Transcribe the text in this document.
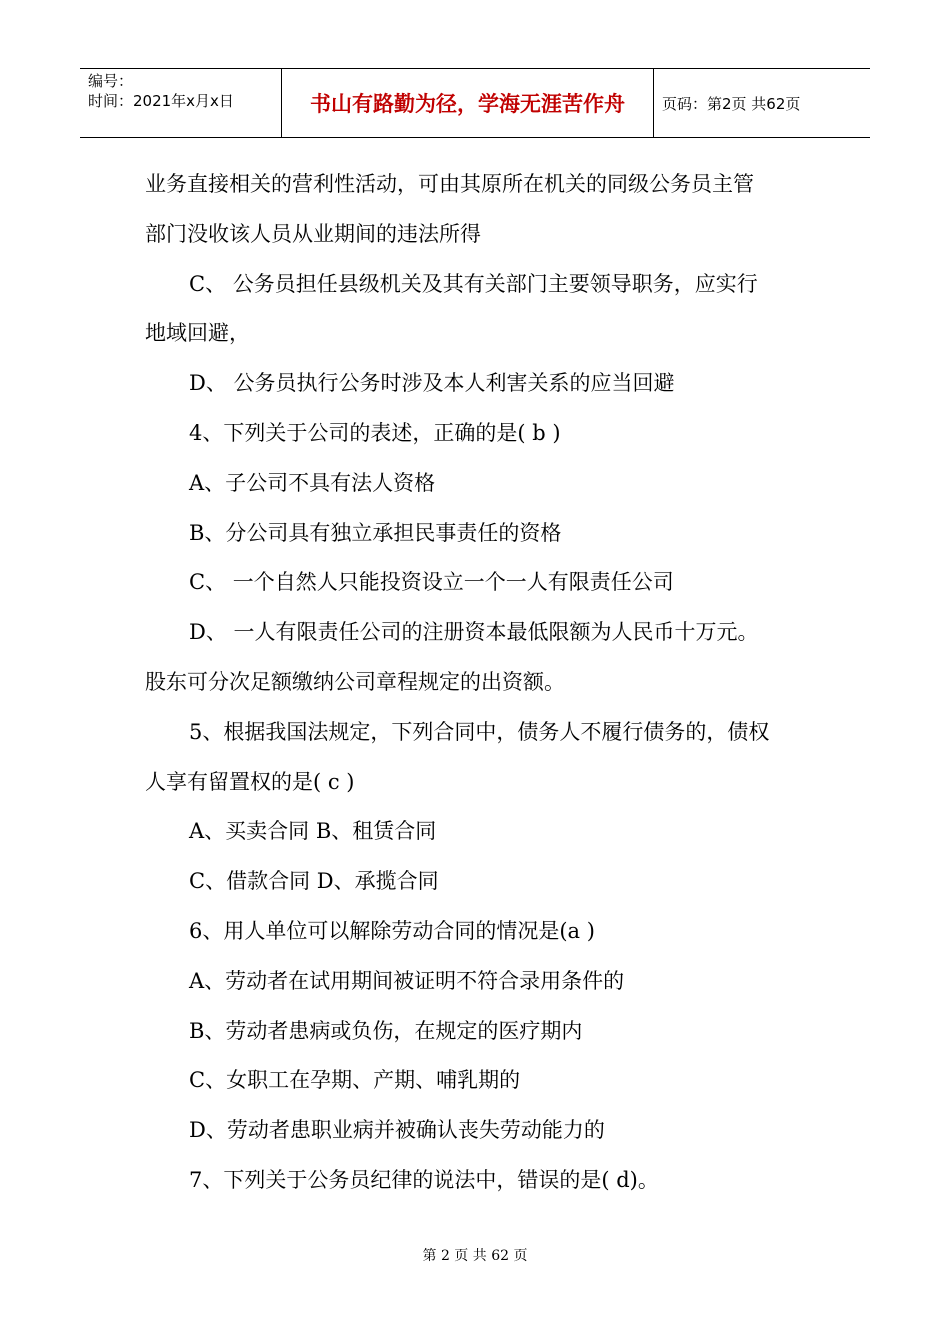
编号：
时间：2021年x月x日	书山有路勤为径，学海无涯苦作舟	页码：第2页 共62页
业务直接相关的营利性活动，可由其原所在机关的同级公务员主管
部门没收该人员从业期间的违法所得
C、 公务员担任县级机关及其有关部门主要领导职务，应实行
地域回避，
D、 公务员执行公务时涉及本人利害关系的应当回避
4、下列关于公司的表述，正确的是( b )
A、子公司不具有法人资格
B、分公司具有独立承担民事责任的资格
C、 一个自然人只能投资设立一个一人有限责任公司
D、 一人有限责任公司的注册资本最低限额为人民币十万元。
股东可分次足额缴纳公司章程规定的出资额。
5、根据我国法规定，下列合同中，债务人不履行债务的，债权
人享有留置权的是( c )
A、买卖合同 B、租赁合同
C、借款合同 D、承揽合同
6、用人单位可以解除劳动合同的情况是(a )
A、劳动者在试用期间被证明不符合录用条件的
B、劳动者患病或负伤，在规定的医疗期内
C、女职工在孕期、产期、哺乳期的
D、劳动者患职业病并被确认丧失劳动能力的
7、下列关于公务员纪律的说法中，错误的是( d)。
第 2 页 共 62 页
